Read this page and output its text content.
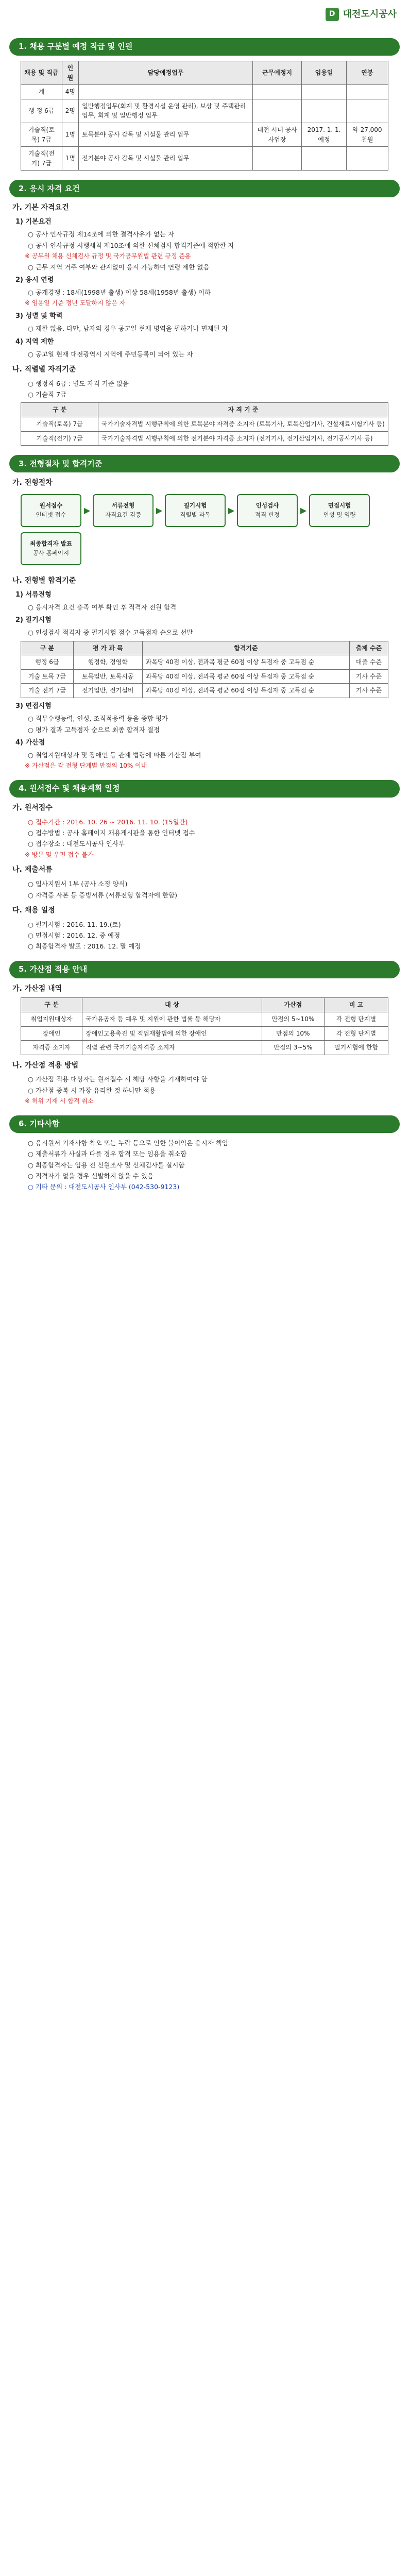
D 대전도시공사
1. 채용 구분별 예정 직급 및 인원
채용 및 직급	인원	담당예정업무	근무예정지	임용일	연봉
계	4명				
행 정 6급	2명	일반행정업무(회계 및 환경시설 운영 관리), 보상 및 주택관리 업무, 회계 및 일반행정 업무			
기술직(토목) 7급	1명	토목분야 공사 감독 및 시설물 관리 업무	대전 시내 공사 사업장	2017. 1. 1. 예정	약 27,000천원
기술직(전기) 7급	1명	전기분야 공사 감독 및 시설물 관리 업무			
2. 응시 자격 요건
가. 기본 자격요건
1) 기본요건
○ 공사 인사규정 제14조에 의한 결격사유가 없는 자
○ 공사 인사규정 시행세칙 제10조에 의한 신체검사 합격기준에 적합한 자
※ 공무원 채용 신체검사 규정 및 국가공무원법 관련 규정 준용
○ 근무 지역 거주 여부와 관계없이 응시 가능하며 연령 제한 없음
2) 응시 연령
○ 공개경쟁 : 18세(1998년 출생) 이상 58세(1958년 출생) 이하
※ 임용일 기준 정년 도달하지 않은 자
3) 성별 및 학력
○ 제한 없음. 다만, 남자의 경우 공고일 현재 병역을 필하거나 면제된 자
4) 지역 제한
○ 공고일 현재 대전광역시 지역에 주민등록이 되어 있는 자
나. 직렬별 자격기준
○ 행정직 6급 : 별도 자격 기준 없음
○ 기술직 7급
구 분	자 격 기 준
기술직(토목) 7급	국가기술자격법 시행규칙에 의한 토목분야 자격증 소지자 (토목기사, 토목산업기사, 건설재료시험기사 등)
기술직(전기) 7급	국가기술자격법 시행규칙에 의한 전기분야 자격증 소지자 (전기기사, 전기산업기사, 전기공사기사 등)
3. 전형절차 및 합격기준
가. 전형절차
원서접수
인터넷 접수	▶	서류전형
자격요건 검증	▶	필기시험
직렬별 과목	▶	인성검사
적격 판정	▶	면접시험
인성 및 역량
최종합격자 발표
공사 홈페이지
나. 전형별 합격기준
1) 서류전형
○ 응시자격 요건 충족 여부 확인 후 적격자 전원 합격
2) 필기시험
○ 인성검사 적격자 중 필기시험 점수 고득점자 순으로 선발
구 분	평 가 과 목	합격기준	출제 수준
행정 6급	행정학, 경영학	과목당 40점 이상, 전과목 평균 60점 이상 득점자 중 고득점 순	대졸 수준
기술 토목 7급	토목일반, 토목시공	과목당 40점 이상, 전과목 평균 60점 이상 득점자 중 고득점 순	기사 수준
기술 전기 7급	전기일반, 전기설비	과목당 40점 이상, 전과목 평균 60점 이상 득점자 중 고득점 순	기사 수준
3) 면접시험
○ 직무수행능력, 인성, 조직적응력 등을 종합 평가
○ 평가 결과 고득점자 순으로 최종 합격자 결정
4) 가산점
○ 취업지원대상자 및 장애인 등 관계 법령에 따른 가산점 부여
※ 가산점은 각 전형 단계별 만점의 10% 이내
4. 원서접수 및 채용계획 일정
가. 원서접수
○ 접수기간 : 2016. 10. 26 ~ 2016. 11. 10. (15일간)
○ 접수방법 : 공사 홈페이지 채용게시판을 통한 인터넷 접수
○ 접수장소 : 대전도시공사 인사부
※ 방문 및 우편 접수 불가
나. 제출서류
○ 입사지원서 1부 (공사 소정 양식)
○ 자격증 사본 등 증빙서류 (서류전형 합격자에 한함)
다. 채용 일정
○ 필기시험 : 2016. 11. 19.(토)
○ 면접시험 : 2016. 12. 중 예정
○ 최종합격자 발표 : 2016. 12. 말 예정
5. 가산점 적용 안내
가. 가산점 내역
구 분	대 상	가산점	비 고
취업지원대상자	국가유공자 등 예우 및 지원에 관한 법률 등 해당자	만점의 5~10%	각 전형 단계별
장애인	장애인고용촉진 및 직업재활법에 의한 장애인	만점의 10%	각 전형 단계별
자격증 소지자	직렬 관련 국가기술자격증 소지자	만점의 3~5%	필기시험에 한함
나. 가산점 적용 방법
○ 가산점 적용 대상자는 원서접수 시 해당 사항을 기재하여야 함
○ 가산점 중복 시 가장 유리한 것 하나만 적용
※ 허위 기재 시 합격 취소
6. 기타사항
○ 응시원서 기재사항 착오 또는 누락 등으로 인한 불이익은 응시자 책임
○ 제출서류가 사실과 다를 경우 합격 또는 임용을 취소함
○ 최종합격자는 임용 전 신원조사 및 신체검사를 실시함
○ 적격자가 없을 경우 선발하지 않을 수 있음
○ 기타 문의 : 대전도시공사 인사부 (042-530-9123)
